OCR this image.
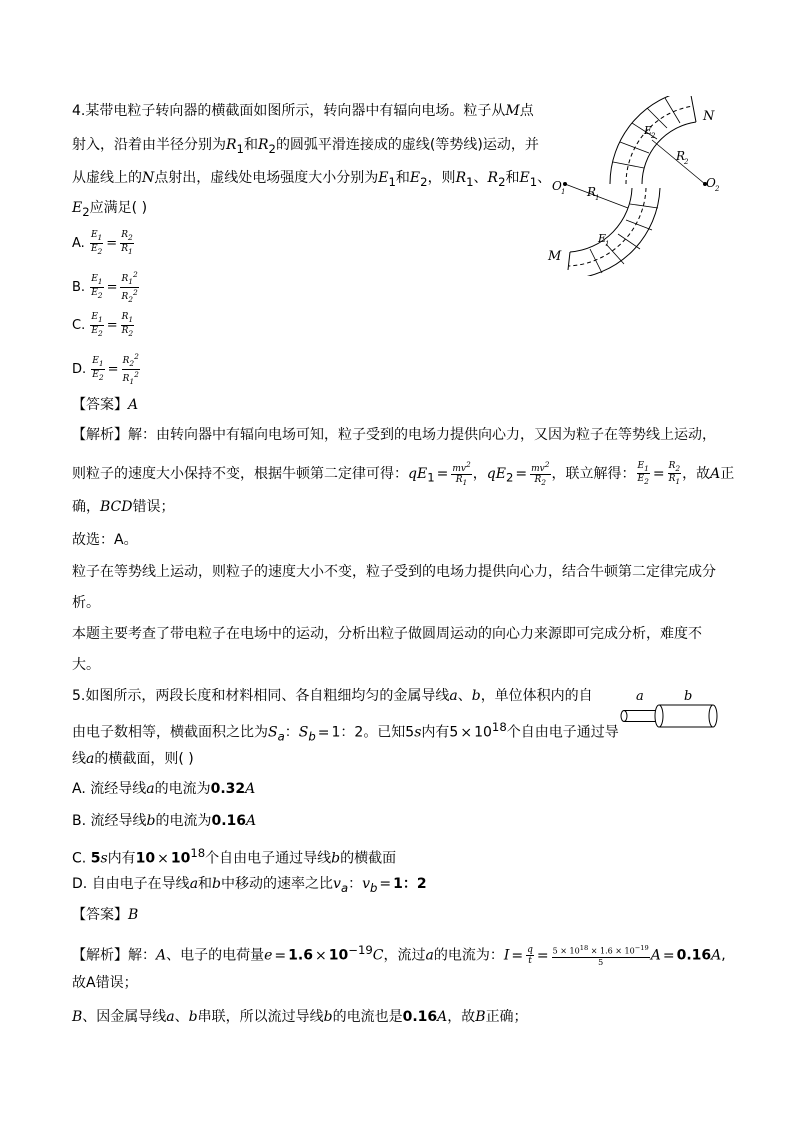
4.某带电粒子转向器的横截面如图所示，转向器中有辐向电场。粒子从M点
射入，沿着由半径分别为$R_1$和$R_2$的圆弧平滑连接成的虚线(等势线)运动，并
从虚线上的N点射出，虚线处电场强度大小分别为$E_1$和$E_2$，则$R_1$、$R_2$和$E_1$、
$E_2$应满足( )
A. $\frac{E_1}{E_2} = \frac{R_2}{R_1}$
B. $\frac{E_1}{E_2} = \frac{R_1^2}{R_2^2}$
C. $\frac{E_1}{E_2} = \frac{R_1}{R_2}$
D. $\frac{E_1}{E_2} = \frac{R_2^2}{R_1^2}$
N
M
O 1
O 2
R
1
R
2
E
2
E
1
【答案】A
【解析】解：由转向器中有辐向电场可知，粒子受到的电场力提供向心力，又因为粒子在等势线上运动，
则粒子的速度大小保持不变，根据牛顿第二定律可得：$qE_1 = \frac{mv^2}{R_1}$ ，$qE_2 = \frac{mv^2}{R_2}$ ，联立解得： $\frac{E_1}{E_2} = \frac{R_2}{R_1}$ ，故A正
确，BCD错误；
故选：A。
粒子在等势线上运动，则粒子的速度大小不变，粒子受到的电场力提供向心力，结合牛顿第二定律完成分
析。
本题主要考查了带电粒子在电场中的运动，分析出粒子做圆周运动的向心力来源即可完成分析，难度不
大。
5.如图所示，两段长度和材料相同、各自粗细均匀的金属导线a、b，单位体积内的自
由电子数相等，横截面积之比为$S_a$：$S_b = 1$：2。已知5s内有$5 \times 10^{18}$个自由电子通过导
线a的横截面，则( )
a	b
A. 流经导线a的电流为0.32A
B. 流经导线b的电流为0.16A
C. 5s内有$10 \times 10^{18}$个自由电子通过导线b的横截面
D. 自由电子在导线a和b中移动的速率之比$v_a$：$v_b = 1$：2
【答案】B
【解析】解：A、电子的电荷量$e = 1.6 \times 10^{-19}C$，流过a的电流为：$I = \frac{q}{t} = \frac{5 \times 10^{18} \times 1.6 \times 10^{-19}}{5}$ A = 0.16A,
故A错误；
B、因金属导线a、b串联，所以流过导线b的电流也是0.16A，故B正确；
